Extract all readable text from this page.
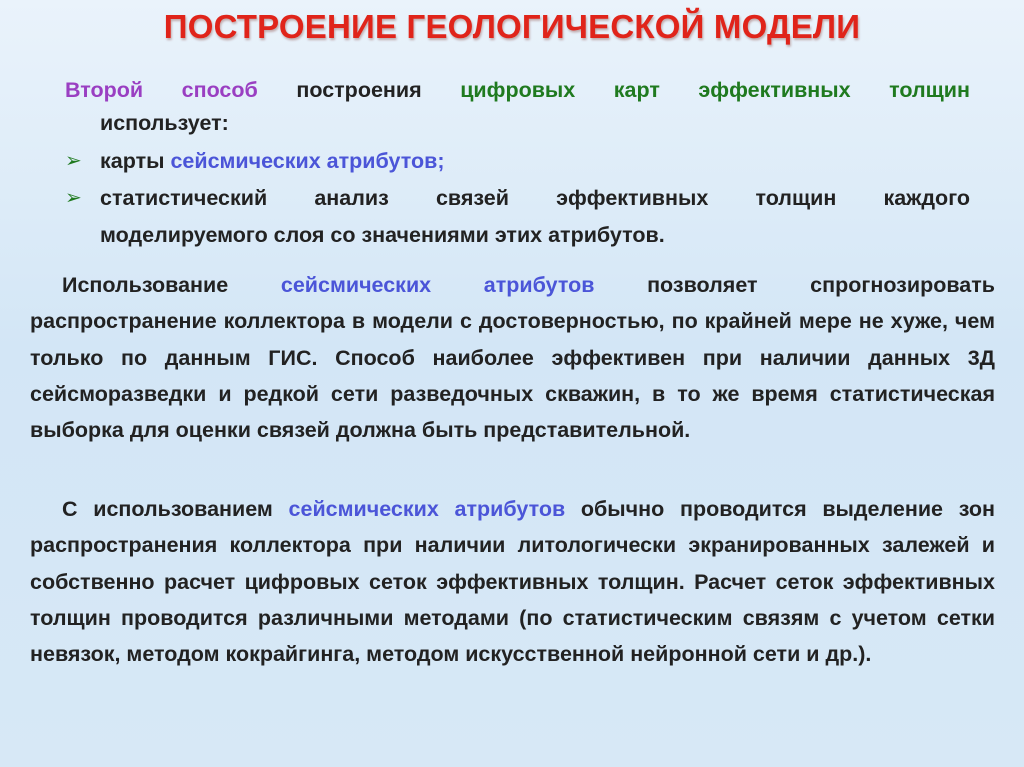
ПОСТРОЕНИЕ ГЕОЛОГИЧЕСКОЙ МОДЕЛИ
Второй способ построения цифровых карт эффективных толщин
использует:
➢ карты сейсмических атрибутов;
➢ статистический анализ связей эффективных толщин каждого
моделируемого слоя со значениями этих атрибутов.
Использование сейсмических атрибутов позволяет спрогнозировать распространение коллектора в модели с достоверностью, по крайней мере не хуже, чем только по данным ГИС. Способ наиболее эффективен при наличии данных 3Д сейсморазведки и редкой сети разведочных скважин, в то же время статистическая выборка для оценки связей должна быть представительной.
С использованием сейсмических атрибутов обычно проводится выделение зон распространения коллектора при наличии литологически экранированных залежей и собственно расчет цифровых сеток эффективных толщин. Расчет сеток эффективных толщин проводится различными методами (по статистическим связям с учетом сетки невязок, методом кокрайгинга, методом искусственной нейронной сети и др.).
